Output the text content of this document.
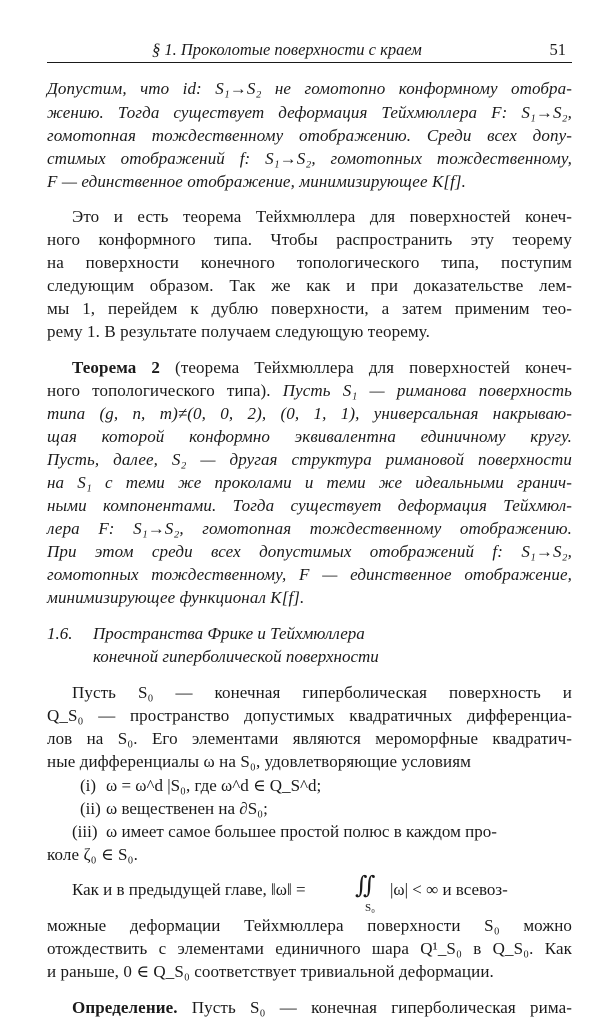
§ 1. Проколотые поверхности с краем	51
Допустим, что id: S₁→S₂ не гомотопно конформному отобра-
жению. Тогда существует деформация Тейхмюллера F: S₁→S₂,
гомотопная тождественному отображению. Среди всех допу-
стимых отображений f: S₁→S₂, гомотопных тождественному,
F — единственное отображение, минимизирующее K[f].
Это и есть теорема Тейхмюллера для поверхностей конеч-
ного конформного типа. Чтобы распространить эту теорему
на поверхности конечного топологического типа, поступим
следующим образом. Так же как и при доказательстве лем-
мы 1, перейдем к дублю поверхности, а затем применим тео-
рему 1. В результате получаем следующую теорему.
Теорема 2 (теорема Тейхмюллера для поверхностей конеч-
ного топологического типа). Пусть S₁ — риманова поверхность
типа (g, n, m)≠(0, 0, 2), (0, 1, 1), универсальная накрываю-
щая которой конформно эквивалентна единичному кругу.
Пусть, далее, S₂ — другая структура римановой поверхности
на S₁ с теми же проколами и теми же идеальными гранич-
ными компонентами. Тогда существует деформация Тейхмюл-
лера F: S₁→S₂, гомотопная тождественному отображению.
При этом среди всех допустимых отображений f: S₁→S₂,
гомотопных тождественному, F — единственное отображение,
минимизирующее функционал K[f].
1.6. Пространства Фрике и Тейхмюллера
конечной гиперболической поверхности
Пусть S₀ — конечная гиперболическая поверхность и
Q_S₀ — пространство допустимых квадратичных дифференциа-
лов на S₀. Его элементами являются мероморфные квадратич-
ные дифференциалы ω на S₀, удовлетворяющие условиям
(i) ω = ω^d |S₀, где ω^d ∈ Q_S^d;
(ii) ω вещественен на ∂S₀;
(iii) ω имеет самое большее простой полюс в каждом про-
коле ζ₀ ∈ S₀.
Как и в предыдущей главе, ‖ω‖ = ∬
S₀
|ω| < ∞ и всевоз-
можные деформации Тейхмюллера поверхности S₀ можно
отождествить с элементами единичного шара Q¹_S₀ в Q_S₀. Как
и раньше, 0 ∈ Q_S₀ соответствует тривиальной деформации.
Определение. Пусть S₀ — конечная гиперболическая рима-
